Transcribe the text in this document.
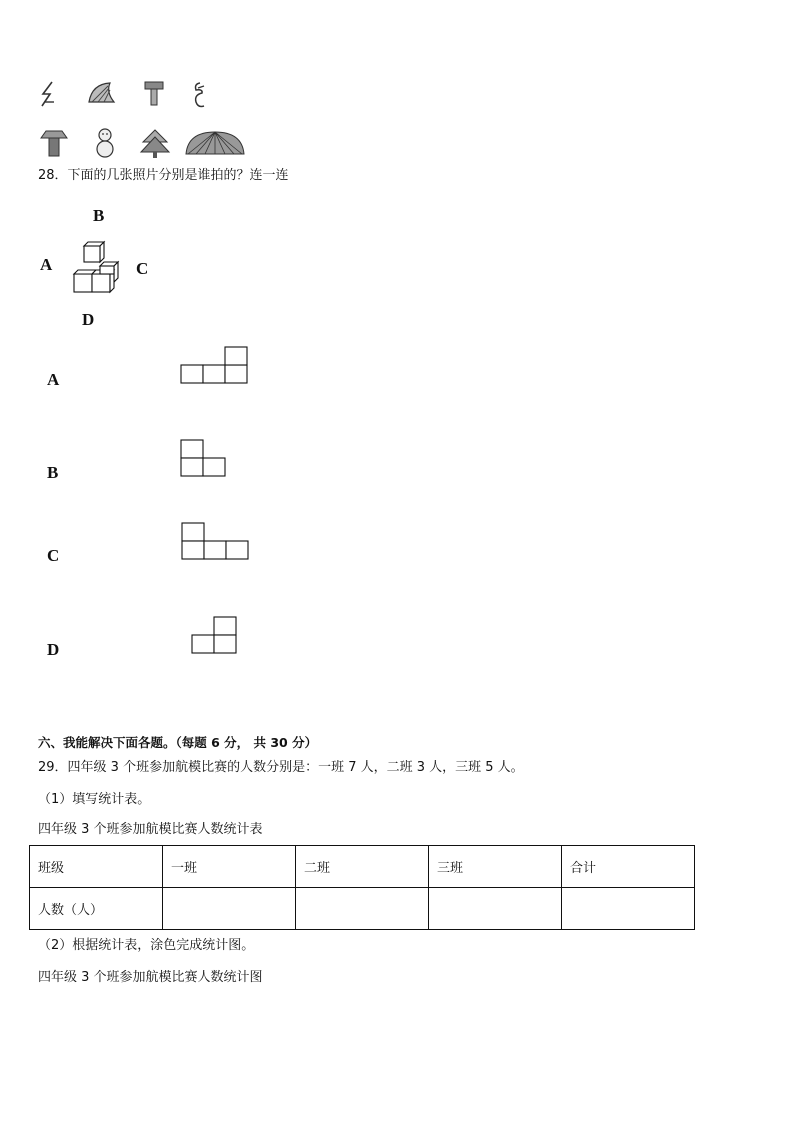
28．下面的几张照片分别是谁拍的？连一连
B
A	C
D
A
B
C
D
六、我能解决下面各题。（每题 6 分， 共 30 分）
29．四年级 3 个班参加航模比赛的人数分别是：一班 7 人，二班 3 人，三班 5 人。
（1）填写统计表。
四年级 3 个班参加航模比赛人数统计表
班级	一班	二班	三班	合计
人数（人）				
（2）根据统计表，涂色完成统计图。
四年级 3 个班参加航模比赛人数统计图
